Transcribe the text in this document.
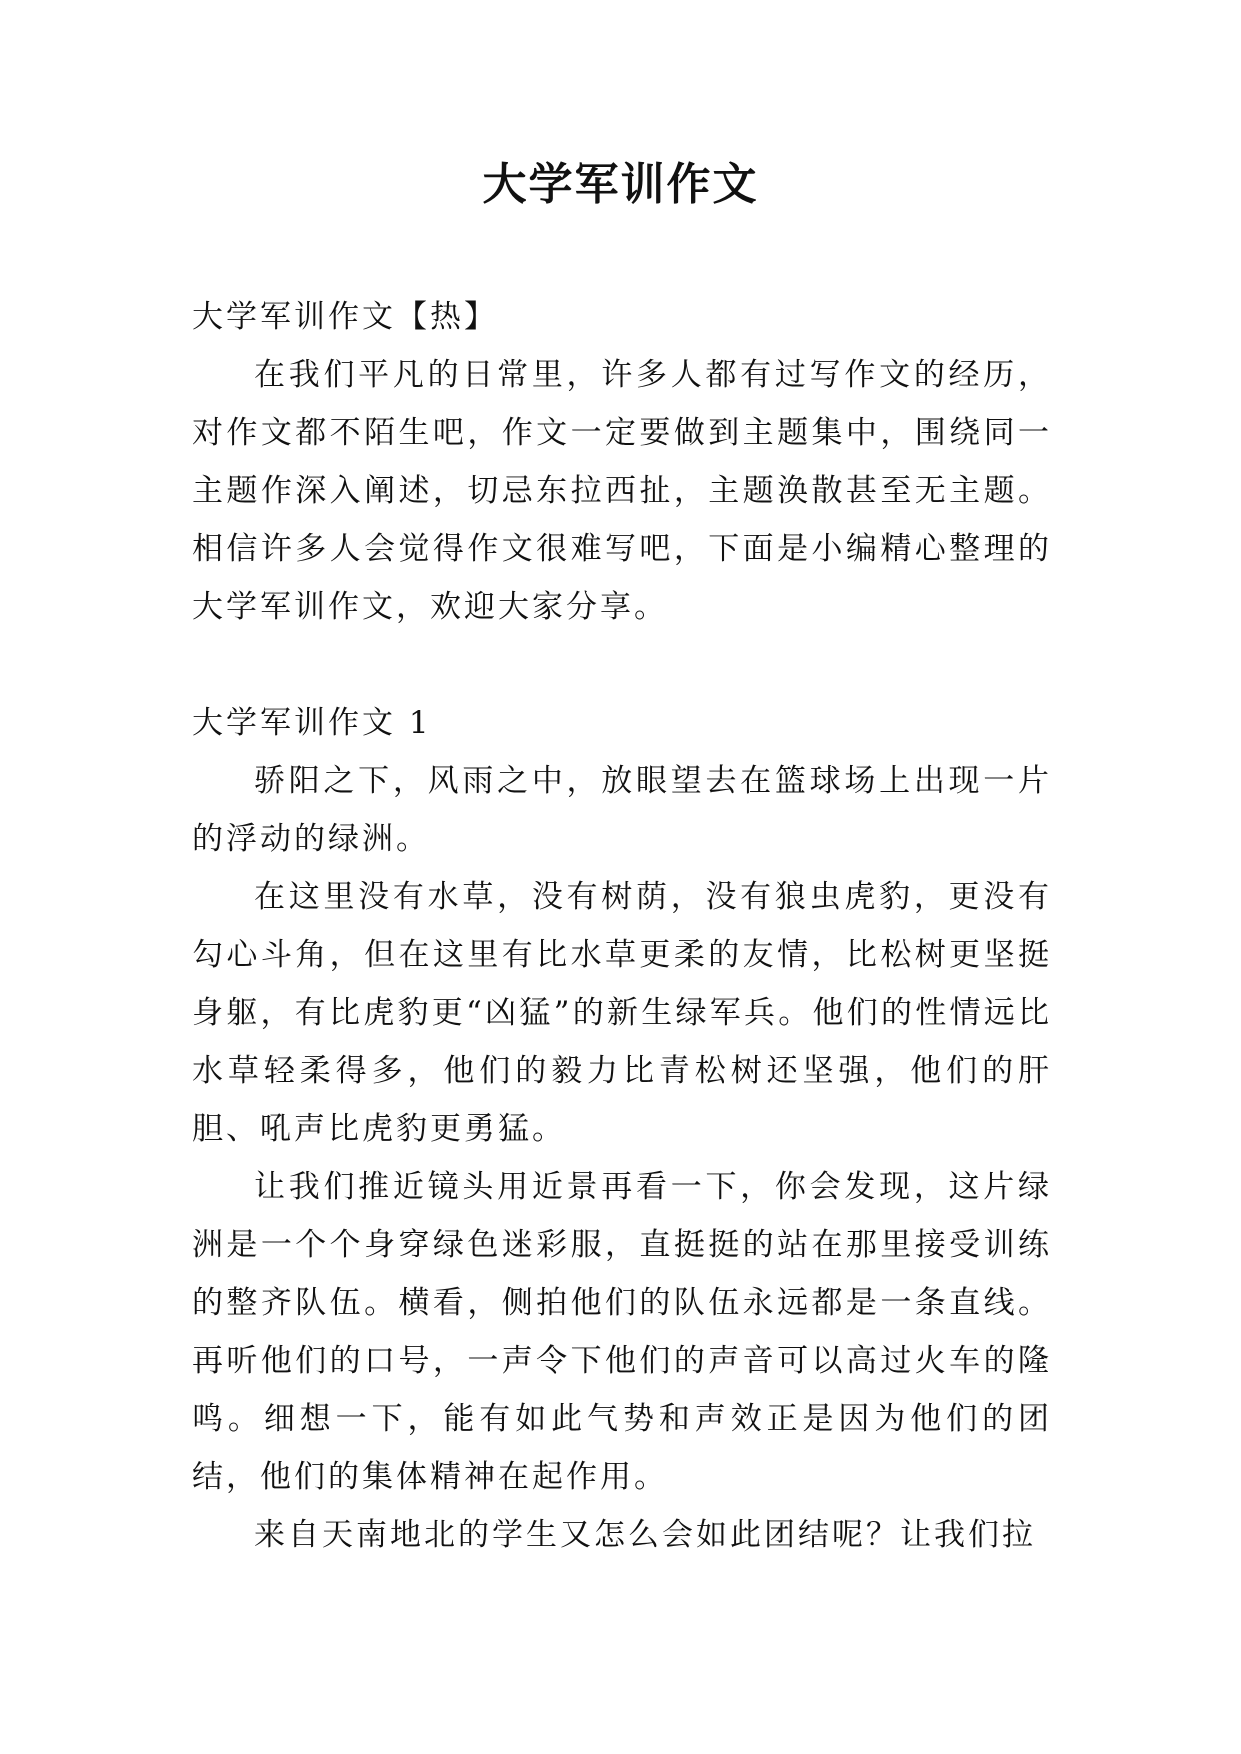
大学军训作文
大学军训作文【热】

在我们平凡的日常里，许多人都有过写作文的经历，对作文都不陌生吧，作文一定要做到主题集中，围绕同一主题作深入阐述，切忌东拉西扯，主题涣散甚至无主题。相信许多人会觉得作文很难写吧，下面是小编精心整理的大学军训作文，欢迎大家分享。

大学军训作文 1

骄阳之下，风雨之中，放眼望去在篮球场上出现一片的浮动的绿洲。

在这里没有水草，没有树荫，没有狼虫虎豹，更没有勾心斗角，但在这里有比水草更柔的友情，比松树更坚挺身躯，有比虎豹更“凶猛”的新生绿军兵。他们的性情远比水草轻柔得多，他们的毅力比青松树还坚强，他们的肝胆、吼声比虎豹更勇猛。

让我们推近镜头用近景再看一下，你会发现，这片绿洲是一个个身穿绿色迷彩服，直挺挺的站在那里接受训练的整齐队伍。横看，侧拍他们的队伍永远都是一条直线。再听他们的口号，一声令下他们的声音可以高过火车的隆鸣。细想一下，能有如此气势和声效正是因为他们的团结，他们的集体精神在起作用。

来自天南地北的学生又怎么会如此团结呢？让我们拉
